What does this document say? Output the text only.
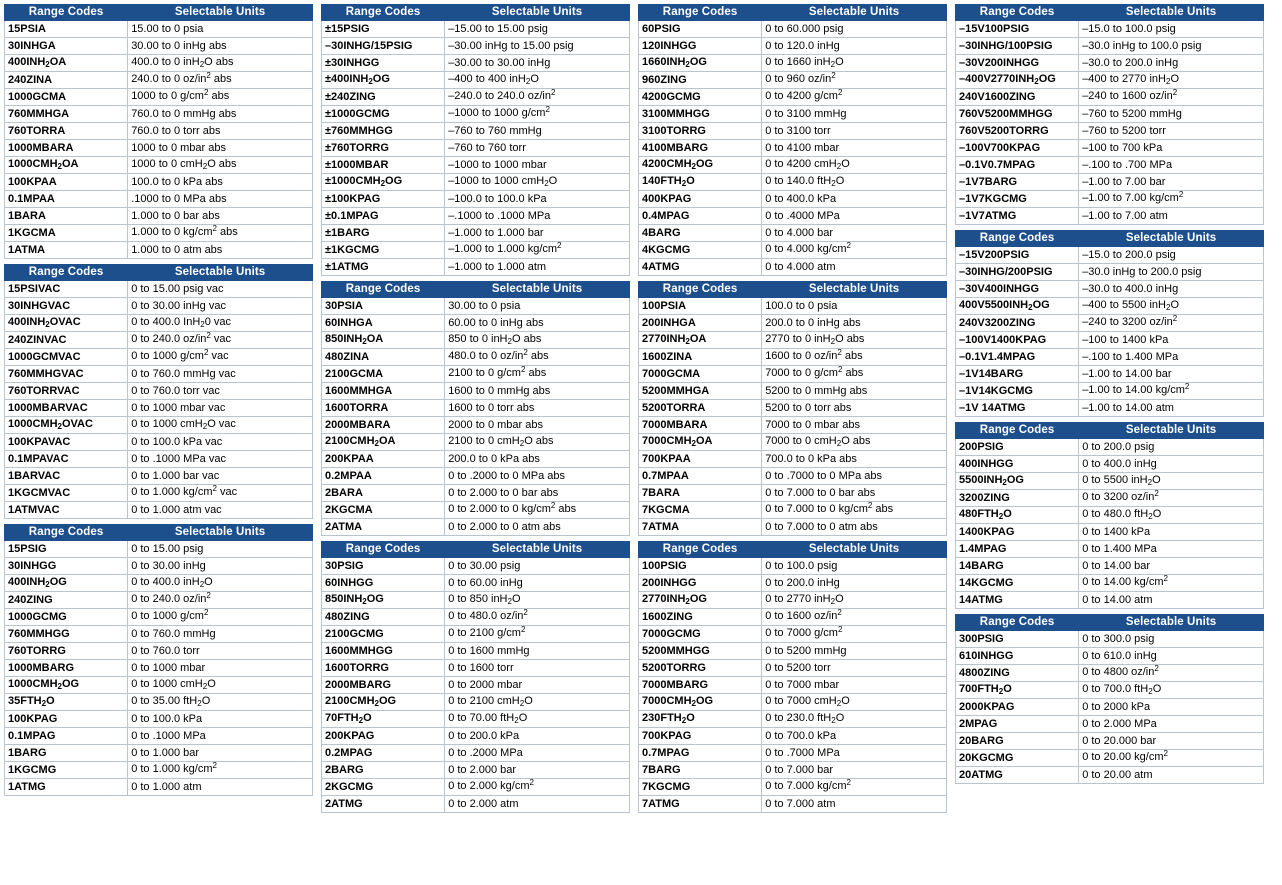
Range Codes	Selectable Units
15PSIA	15.00 to 0 psia
30INHGA	30.00 to 0 inHg abs
$400INH_2OA$	400.0 to 0 inH$_2$O abs
240ZINA	240.0 to 0 $oz/in^2$ abs
1000GCMA	1000 to 0 $g/cm^2$ abs
760MMHGA	760.0 to 0 mmHg abs
760TORRA	760.0 to 0 torr abs
1000MBARA	1000 to 0 mbar abs
$1000CMH_2OA$	1000 to 0 cmH$_2$O abs
100KPAA	100.0 to 0 kPa abs
0.1MPAA	.1000 to 0 MPa abs
1BARA	1.000 to 0 bar abs
1KGCMA	1.000 to 0 $kg/cm^2$ abs
1ATMA	1.000 to 0 atm abs
Range Codes	Selectable Units
15PSIVAC	0 to 15.00 psig vac
30INHGVAC	0 to 30.00 inHg vac
$400INH_2OVAC$	0 to 400.0 InH$_2$0 vac
240ZINVAC	0 to 240.0 $oz/in^2$ vac
1000GCMVAC	0 to 1000 $g/cm^2$ vac
760MMHGVAC	0 to 760.0 mmHg vac
760TORRVAC	0 to 760.0 torr vac
1000MBARVAC	0 to 1000 mbar vac
$1000CMH_2OVAC$	0 to 1000 cmH$_2$O vac
100KPAVAC	0 to 100.0 kPa vac
0.1MPAVAC	0 to .1000 MPa vac
1BARVAC	0 to 1.000 bar vac
1KGCMVAC	0 to 1.000 $kg/cm^2$ vac
1ATMVAC	0 to 1.000 atm vac
Range Codes	Selectable Units
15PSIG	0 to 15.00 psig
30INHGG	0 to 30.00 inHg
$400INH_2OG$	0 to 400.0 inH$_2$O
240ZING	0 to 240.0 $oz/in^2$
1000GCMG	0 to 1000 $g/cm^2$
760MMHGG	0 to 760.0 mmHg
760TORRG	0 to 760.0 torr
1000MBARG	0 to 1000 mbar
$1000CMH_2OG$	0 to 1000 cmH$_2$O
$35FTH_2O$	0 to 35.00 ftH$_2$O
100KPAG	0 to 100.0 kPa
0.1MPAG	0 to .1000 MPa
1BARG	0 to 1.000 bar
1KGCMG	0 to 1.000 $kg/cm^2$
1ATMG	0 to 1.000 atm
Range Codes	Selectable Units
±15PSIG	–15.00 to 15.00 psig
–30INHG/15PSIG	–30.00 inHg to 15.00 psig
±30INHGG	–30.00 to 30.00 inHg
$\pm 400INH_2OG$	–400 to 400 inH$_2$O
±240ZING	–240.0 to 240.0 $oz/in^2$
±1000GCMG	–1000 to 1000 $g/cm^2$
±760MMHGG	–760 to 760 mmHg
±760TORRG	–760 to 760 torr
±1000MBAR	–1000 to 1000 mbar
$\pm 1000CMH_2OG$	–1000 to 1000 cmH$_2$O
±100KPAG	–100.0 to 100.0 kPa
±0.1MPAG	–.1000 to .1000 MPa
±1BARG	–1.000 to 1.000 bar
±1KGCMG	–1.000 to 1.000 $kg/cm^2$
±1ATMG	–1.000 to 1.000 atm
Range Codes	Selectable Units
30PSIA	30.00 to 0 psia
60INHGA	60.00 to 0 inHg abs
$850INH_2OA$	850 to 0 inH$_2$O abs
480ZINA	480.0 to 0 $oz/in^2$ abs
2100GCMA	2100 to 0 $g/cm^2$ abs
1600MMHGA	1600 to 0 mmHg abs
1600TORRA	1600 to 0 torr abs
2000MBARA	2000 to 0 mbar abs
$2100CMH_2OA$	2100 to 0 cmH$_2$O abs
200KPAA	200.0 to 0 kPa abs
0.2MPAA	0 to .2000 to 0 MPa abs
2BARA	0 to 2.000 to 0 bar abs
2KGCMA	0 to 2.000 to 0 $kg/cm^2$ abs
2ATMA	0 to 2.000 to 0 atm abs
Range Codes	Selectable Units
30PSIG	0 to 30.00 psig
60INHGG	0 to 60.00 inHg
$850INH_2OG$	0 to 850 inH$_2$O
480ZING	0 to 480.0 $oz/in^2$
2100GCMG	0 to 2100 $g/cm^2$
1600MMHGG	0 to 1600 mmHg
1600TORRG	0 to 1600 torr
2000MBARG	0 to 2000 mbar
$2100CMH_2OG$	0 to 2100 cmH$_2$O
$70FTH_2O$	0 to 70.00 ftH$_2$O
200KPAG	0 to 200.0 kPa
0.2MPAG	0 to .2000 MPa
2BARG	0 to 2.000 bar
2KGCMG	0 to 2.000 $kg/cm^2$
2ATMG	0 to 2.000 atm
Range Codes	Selectable Units
60PSIG	0 to 60.000 psig
120INHGG	0 to 120.0 inHg
$1660INH_2OG$	0 to 1660 inH$_2$O
960ZING	0 to 960 $oz/in^2$
4200GCMG	0 to 4200 $g/cm^2$
3100MMHGG	0 to 3100 mmHg
3100TORRG	0 to 3100 torr
4100MBARG	0 to 4100 mbar
$4200CMH_2OG$	0 to 4200 cmH$_2$O
$140FTH_2O$	0 to 140.0 ftH$_2$O
400KPAG	0 to 400.0 kPa
0.4MPAG	0 to .4000 MPa
4BARG	0 to 4.000 bar
4KGCMG	0 to 4.000 $kg/cm^2$
4ATMG	0 to 4.000 atm
Range Codes	Selectable Units
100PSIA	100.0 to 0 psia
200INHGA	200.0 to 0 inHg abs
$2770INH_2OA$	2770 to 0 inH$_2$O abs
1600ZINA	1600 to 0 $oz/in^2$ abs
7000GCMA	7000 to 0 $g/cm^2$ abs
5200MMHGA	5200 to 0 mmHg abs
5200TORRA	5200 to 0 torr abs
7000MBARA	7000 to 0 mbar abs
$7000CMH_2OA$	7000 to 0 cmH$_2$O abs
700KPAA	700.0 to 0 kPa abs
0.7MPAA	0 to .7000 to 0 MPa abs
7BARA	0 to 7.000 to 0 bar abs
7KGCMA	0 to 7.000 to 0 $kg/cm^2$ abs
7ATMA	0 to 7.000 to 0 atm abs
Range Codes	Selectable Units
100PSIG	0 to 100.0 psig
200INHGG	0 to 200.0 inHg
$2770INH_2OG$	0 to 2770 inH$_2$O
1600ZING	0 to 1600 $oz/in^2$
7000GCMG	0 to 7000 $g/cm^2$
5200MMHGG	0 to 5200 mmHg
5200TORRG	0 to 5200 torr
7000MBARG	0 to 7000 mbar
$7000CMH_2OG$	0 to 7000 cmH$_2$O
$230FTH_2O$	0 to 230.0 ftH$_2$O
700KPAG	0 to 700.0 kPa
0.7MPAG	0 to .7000 MPa
7BARG	0 to 7.000 bar
7KGCMG	0 to 7.000 $kg/cm^2$
7ATMG	0 to 7.000 atm
Range Codes	Selectable Units
–15V100PSIG	–15.0 to 100.0 psig
–30INHG/100PSIG	–30.0 inHg to 100.0 psig
–30V200INHGG	–30.0 to 200.0 inHg
$-400V2770INH_2OG$	–400 to 2770 inH$_2$O
240V1600ZING	–240 to 1600 $oz/in^2$
760V5200MMHGG	–760 to 5200 mmHg
760V5200TORRG	–760 to 5200 torr
–100V700KPAG	–100 to 700 kPa
–0.1V0.7MPAG	–.100 to .700 MPa
–1V7BARG	–1.00 to 7.00 bar
–1V7KGCMG	–1.00 to 7.00 $kg/cm^2$
–1V7ATMG	–1.00 to 7.00 atm
Range Codes	Selectable Units
–15V200PSIG	–15.0 to 200.0 psig
–30INHG/200PSIG	–30.0 inHg to 200.0 psig
–30V400INHGG	–30.0 to 400.0 inHg
$400V5500INH_2OG$	–400 to 5500 inH$_2$O
240V3200ZING	–240 to 3200 $oz/in^2$
–100V1400KPAG	–100 to 1400 kPa
–0.1V1.4MPAG	–.100 to 1.400 MPa
–1V14BARG	–1.00 to 14.00 bar
–1V14KGCMG	–1.00 to 14.00 $kg/cm^2$
–1V 14ATMG	–1.00 to 14.00 atm
Range Codes	Selectable Units
200PSIG	0 to 200.0 psig
400INHGG	0 to 400.0 inHg
$5500INH_2OG$	0 to 5500 inH$_2$O
3200ZING	0 to 3200 $oz/in^2$
$480FTH_2O$	0 to 480.0 ftH$_2$O
1400KPAG	0 to 1400 kPa
1.4MPAG	0 to 1.400 MPa
14BARG	0 to 14.00 bar
14KGCMG	0 to 14.00 $kg/cm^2$
14ATMG	0 to 14.00 atm
Range Codes	Selectable Units
300PSIG	0 to 300.0 psig
610INHGG	0 to 610.0 inHg
4800ZING	0 to 4800 $oz/in^2$
$700FTH_2O$	0 to 700.0 ftH$_2$O
2000KPAG	0 to 2000 kPa
2MPAG	0 to 2.000 MPa
20BARG	0 to 20.000 bar
20KGCMG	0 to 20.00 $kg/cm^2$
20ATMG	0 to 20.00 atm
